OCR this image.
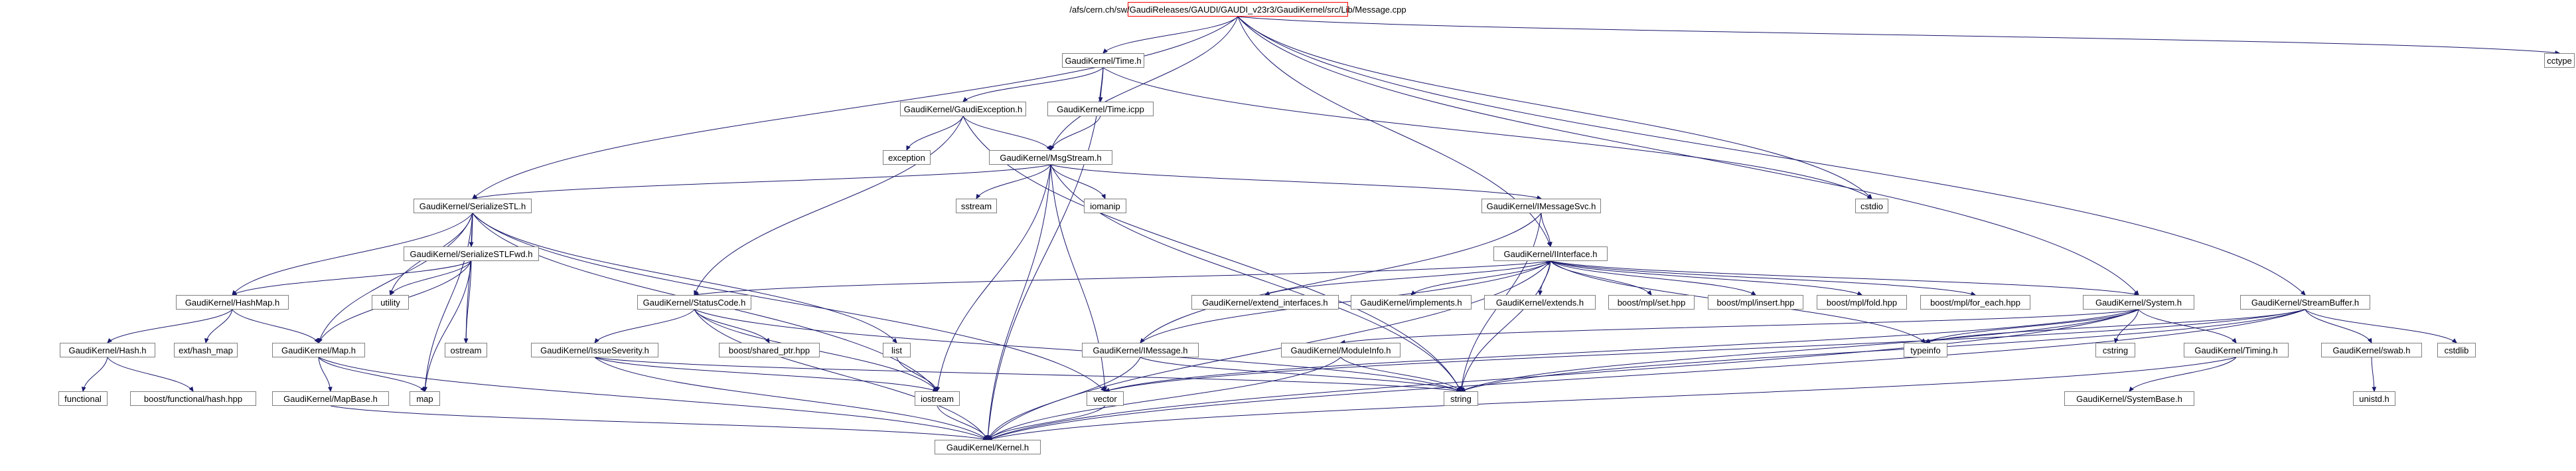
/afs/cern.ch/sw/GaudiReleases/GAUDI/GAUDI_v23r3/GaudiKernel/src/Lib/Message.cpp
cctype
GaudiKernel/Time.h
GaudiKernel/GaudiException.h	GaudiKernel/Time.icpp
exception	GaudiKernel/MsgStream.h
sstream	iomanip	GaudiKernel/IMessageSvc.h	cstdio
GaudiKernel/SerializeSTL.h
GaudiKernel/SerializeSTLFwd.h	GaudiKernel/IInterface.h
GaudiKernel/HashMap.h	GaudiKernel/StatusCode.h	GaudiKernel/extend_interfaces.h	GaudiKernel/implements.h	GaudiKernel/extends.h	boost/mpl/set.hpp	boost/mpl/insert.hpp	boost/mpl/fold.hpp	boost/mpl/for_each.hpp	GaudiKernel/System.h	GaudiKernel/StreamBuffer.h
GaudiKernel/Hash.h	ext/hash_map	GaudiKernel/Map.h
utility
ostream	GaudiKernel/IssueSeverity.h	boost/shared_ptr.hpp	list	GaudiKernel/IMessage.h	GaudiKernel/ModuleInfo.h	typeinfo	cstring	GaudiKernel/Timing.h	GaudiKernel/swab.h	cstdlib
functional	boost/functional/hash.hpp	GaudiKernel/MapBase.h	map	iostream	vector	string	GaudiKernel/SystemBase.h	unistd.h
GaudiKernel/Kernel.h
